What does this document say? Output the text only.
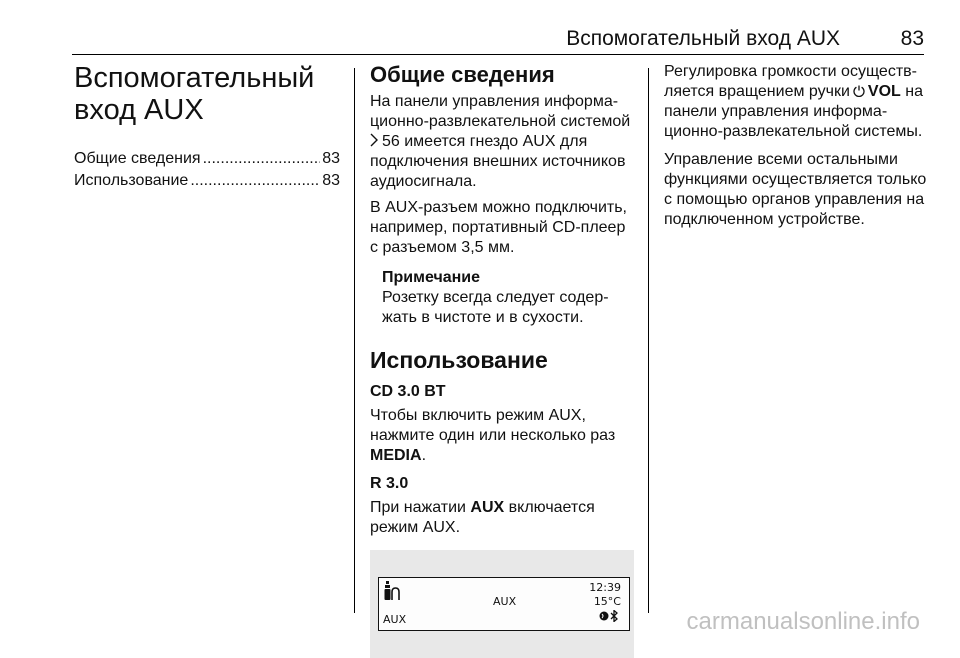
Вспомогательный вход AUX	83
Вспомогательный
вход AUX
Общие сведения .....	83
Использование .....	83
Общие сведения

На панели управления информа-
ционно-развлекательной системой
56 имеется гнездо AUX для
подключения внешних источников
аудиосигнала.

В AUX-разъем можно подключить,
например, портативный CD-плеер
с разъемом 3,5 мм.

Примечание
Розетку всегда следует содер-
жать в чистоте и в сухости.
Использование
CD 3.0 BT

Чтобы включить режим AUX,
нажмите один или несколько раз
MEDIA.

R 3.0

При нажатии AUX включается
режим AUX.

AUX
AUX
12:39
15°C

Регулировка громкости осуществ-
ляется вращением ручки VOL на
панели управления информа-
ционно-развлекательной системы.

Управление всеми остальными
функциями осуществляется только
с помощью органов управления на
подключенном устройстве.

carmanualsonline.info
